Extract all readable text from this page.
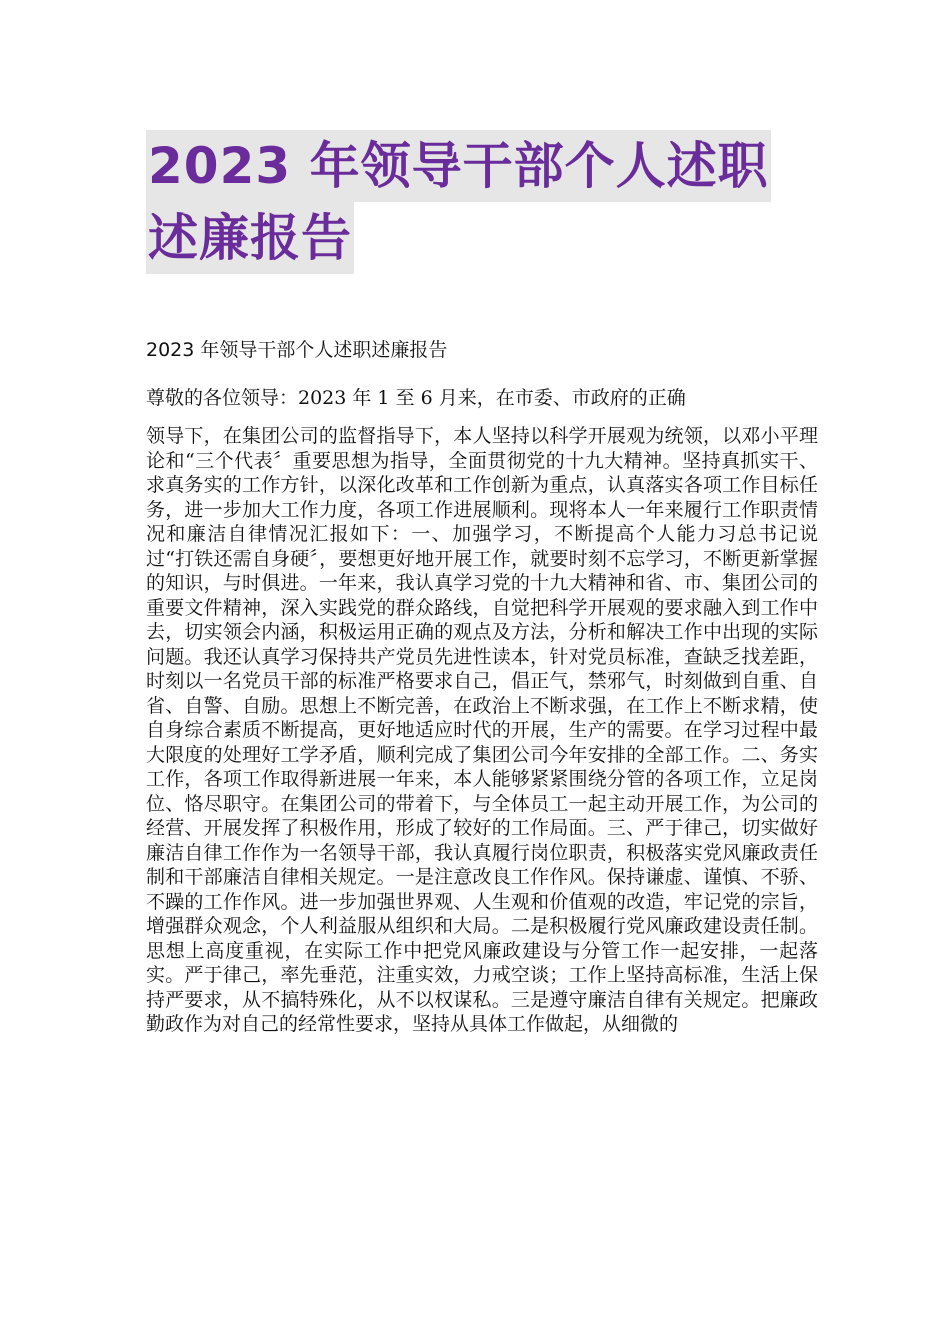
2023 年领导干部个人述职
述廉报告

2023 年领导干部个人述职述廉报告

尊敬的各位领导：2023 年 1 至 6 月来，在市委、市政府的正确

领导下，在集团公司的监督指导下，本人坚持以科学开展观为统领，以邓小平理论和“三个代表〞重要思想为指导，全面贯彻党的十九大精神。坚持真抓实干、求真务实的工作方针，以深化改革和工作创新为重点，认真落实各项工作目标任务，进一步加大工作力度，各项工作进展顺利。现将本人一年来履行工作职责情况和廉洁自律情况汇报如下：一、加强学习，不断提高个人能力习总书记说过“打铁还需自身硬〞，要想更好地开展工作，就要时刻不忘学习，不断更新掌握的知识，与时俱进。一年来，我认真学习党的十九大精神和省、市、集团公司的重要文件精神，深入实践党的群众路线，自觉把科学开展观的要求融入到工作中去，切实领会内涵，积极运用正确的观点及方法，分析和解决工作中出现的实际问题。我还认真学习保持共产党员先进性读本，针对党员标准，查缺乏找差距，时刻以一名党员干部的标准严格要求自己，倡正气，禁邪气，时刻做到自重、自省、自警、自励。思想上不断完善，在政治上不断求强，在工作上不断求精，使自身综合素质不断提高，更好地适应时代的开展，生产的需要。在学习过程中最大限度的处理好工学矛盾，顺利完成了集团公司今年安排的全部工作。二、务实工作，各项工作取得新进展一年来，本人能够紧紧围绕分管的各项工作，立足岗位、恪尽职守。在集团公司的带着下，与全体员工一起主动开展工作，为公司的经营、开展发挥了积极作用，形成了较好的工作局面。三、严于律己，切实做好廉洁自律工作作为一名领导干部，我认真履行岗位职责，积极落实党风廉政责任制和干部廉洁自律相关规定。一是注意改良工作作风。保持谦虚、谨慎、不骄、不躁的工作作风。进一步加强世界观、人生观和价值观的改造，牢记党的宗旨，增强群众观念，个人利益服从组织和大局。二是积极履行党风廉政建设责任制。思想上高度重视，在实际工作中把党风廉政建设与分管工作一起安排，一起落实。严于律己，率先垂范，注重实效，力戒空谈；工作上坚持高标准，生活上保持严要求，从不搞特殊化，从不以权谋私。三是遵守廉洁自律有关规定。把廉政勤政作为对自己的经常性要求，坚持从具体工作做起，从细微的
